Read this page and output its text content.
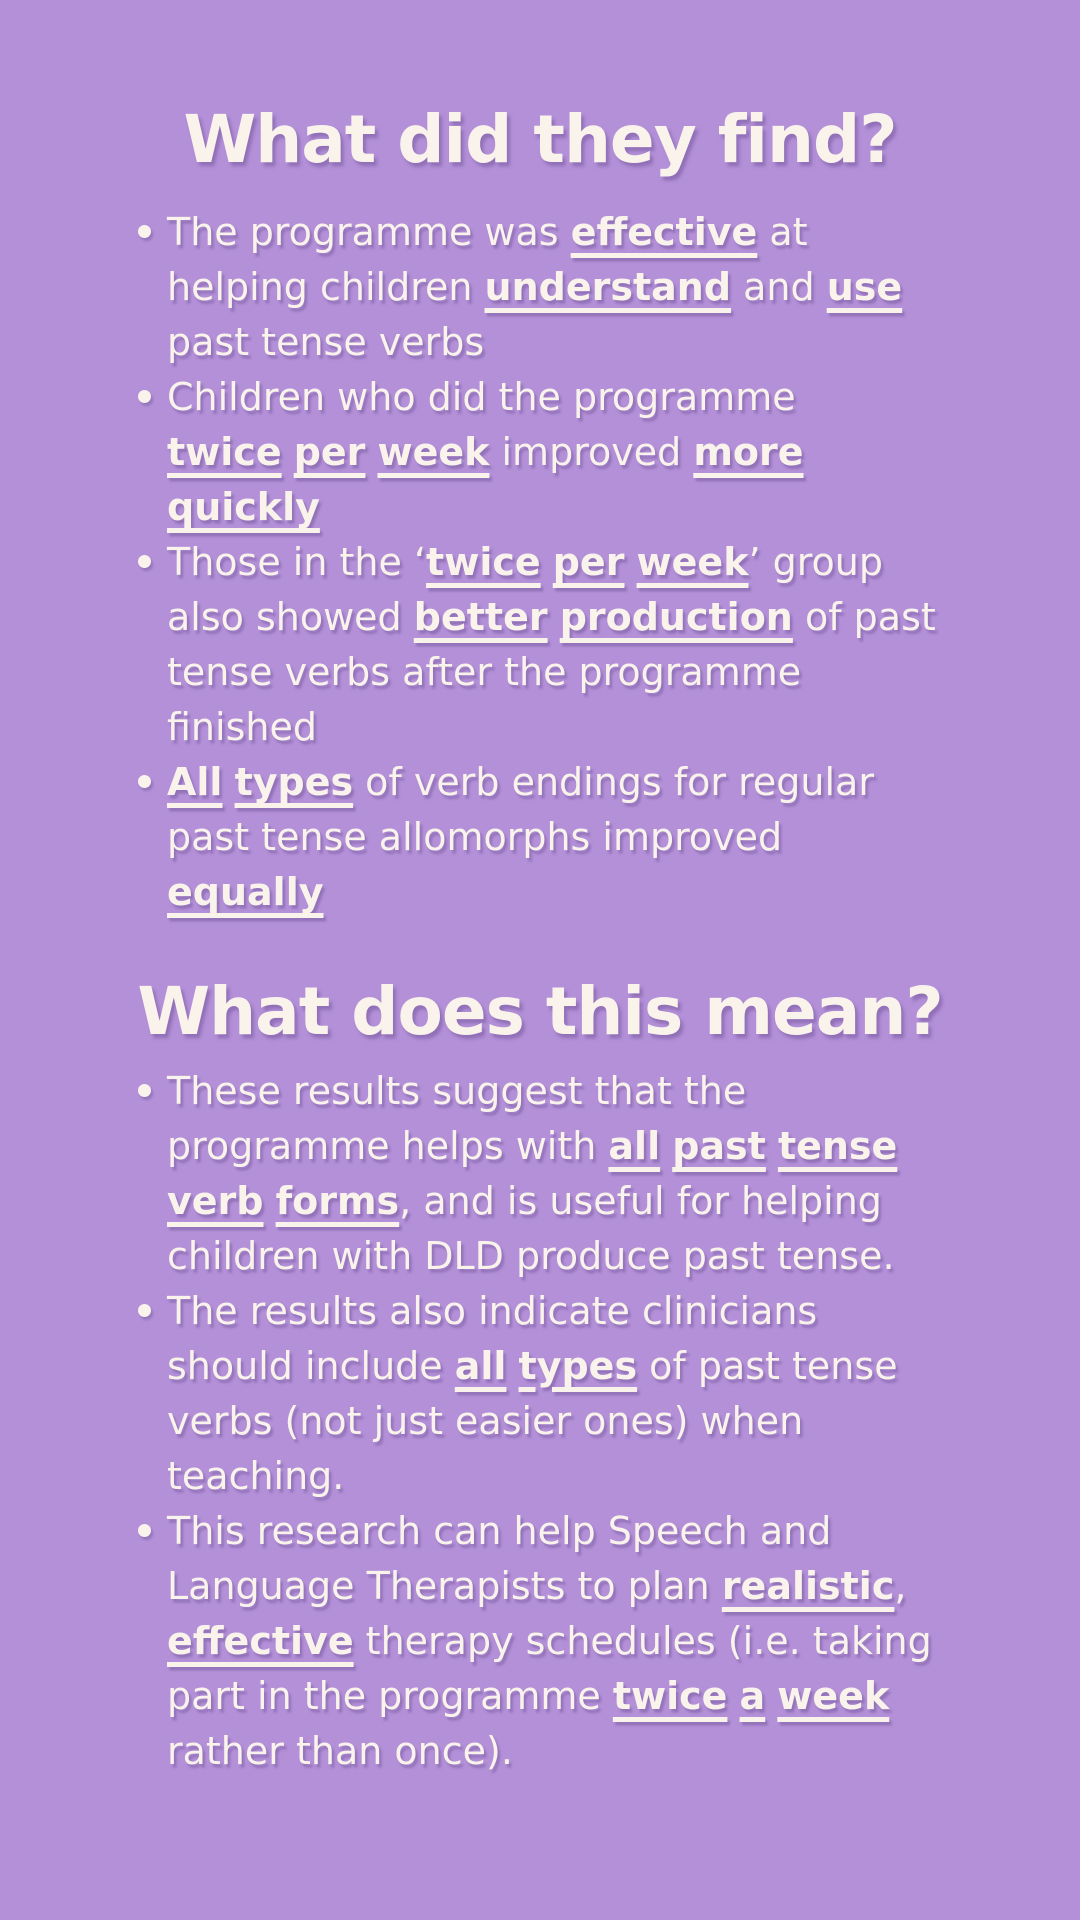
What did they find?
The programme was effective at
helping children understand and use
past tense verbs
Children who did the programme
twice per week improved more
quickly
Those in the ‘twice per week’ group
also showed better production of past
tense verbs after the programme
finished
All types of verb endings for regular
past tense allomorphs improved
equally
What does this mean?
These results suggest that the
programme helps with all past tense
verb forms, and is useful for helping
children with DLD produce past tense.
The results also indicate clinicians
should include all types of past tense
verbs (not just easier ones) when
teaching.
This research can help Speech and
Language Therapists to plan realistic,
effective therapy schedules (i.e. taking
part in the programme twice a week
rather than once).
